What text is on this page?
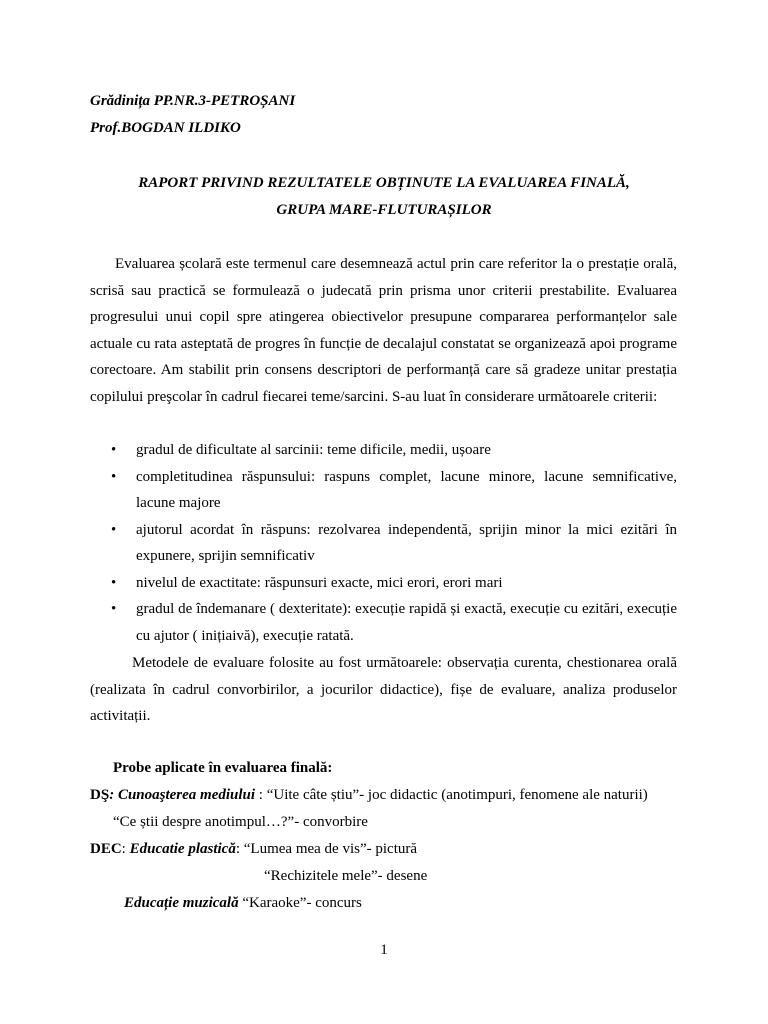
Grădinița PP.NR.3-PETROȘANI
Prof.BOGDAN ILDIKO
RAPORT PRIVIND REZULTATELE OBȚINUTE LA EVALUAREA FINALĂ,
GRUPA MARE-FLUTURAȘILOR

Evaluarea școlară este termenul care desemnează actul prin care referitor la o prestație orală, scrisă sau practică se formulează o judecată prin prisma unor criterii prestabilite. Evaluarea progresului unui copil spre atingerea obiectivelor presupune compararea performanțelor sale actuale cu rata asteptată de progres în funcție de decalajul constatat se organizează apoi programe corectoare. Am stabilit prin consens descriptori de performanță care să gradeze unitar prestația copilului preşcolar în cadrul fiecarei teme/sarcini. S-au luat în considerare următoarele criterii:

• gradul de dificultate al sarcinii: teme dificile, medii, ușoare
• completitudinea răspunsului: raspuns complet, lacune minore, lacune semnificative, lacune majore
• ajutorul acordat în răspuns: rezolvarea independentă, sprijin minor la mici ezitări în expunere, sprijin semnificativ
• nivelul de exactitate: răspunsuri exacte, mici erori, erori mari
• gradul de îndemanare ( dexteritate): execuție rapidă și exactă, execuție cu ezitări, execuție cu ajutor ( inițiaivă), execuție ratată.

Metodele de evaluare folosite au fost următoarele: observația curenta, chestionarea orală (realizata în cadrul convorbirilor, a jocurilor didactice), fișe de evaluare, analiza produselor activitații.

Probe aplicate în evaluarea finală:
DŞ: Cunoaşterea mediului : “Uite câte știu”- joc didactic (anotimpuri, fenomene ale naturii)
“Ce știi despre anotimpul…?”- convorbire
DEC: Educatie plastică: “Lumea mea de vis”- pictură
“Rechizitele mele”- desene
Educație muzicală “Karaoke”- concurs
1
